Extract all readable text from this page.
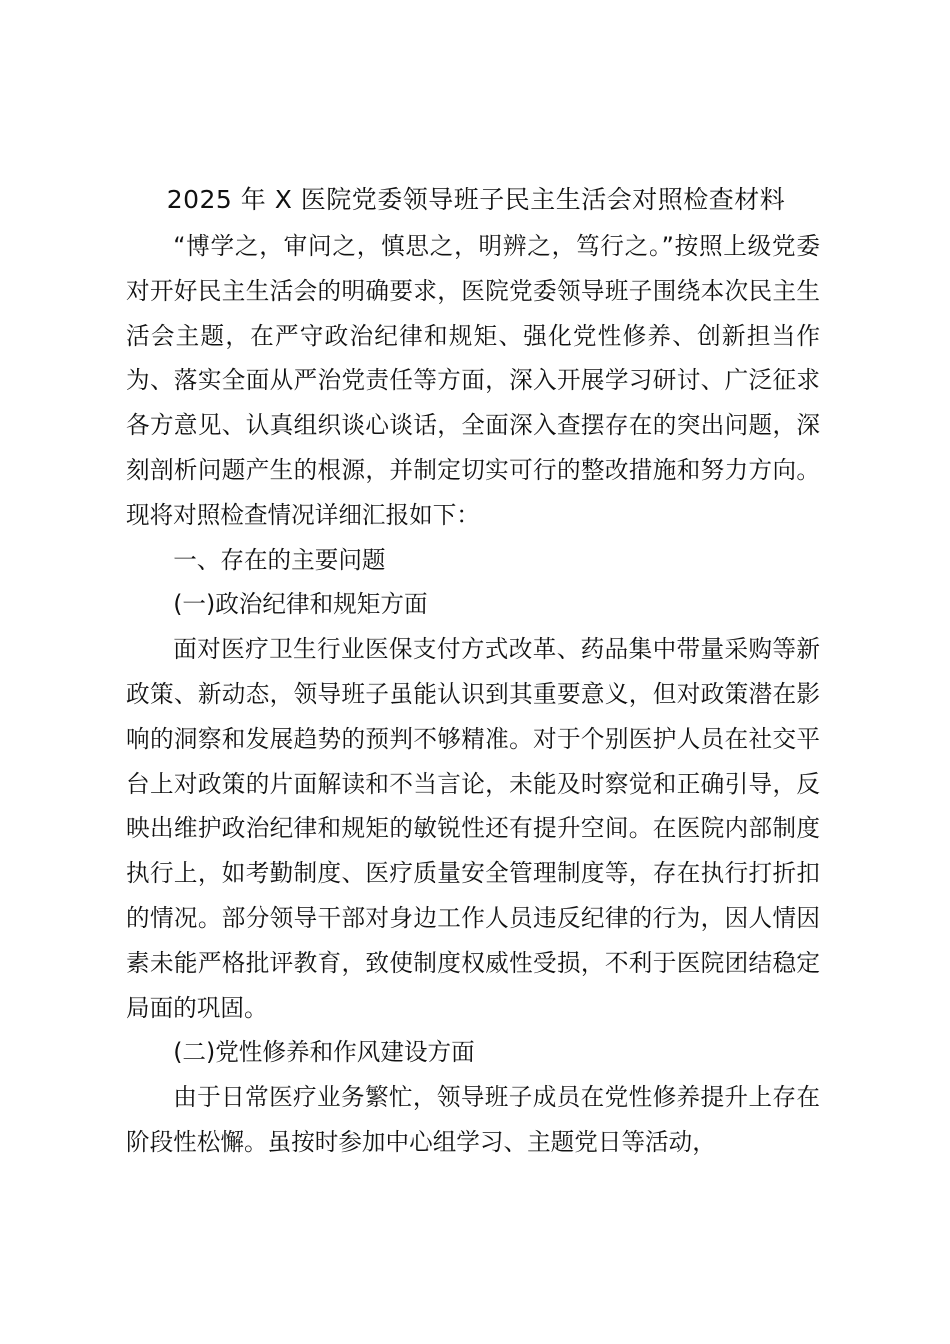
2025 年 X 医院党委领导班子民主生活会对照检查材料

“博学之，审问之，慎思之，明辨之，笃行之。”按照上级党委对开好民主生活会的明确要求，医院党委领导班子围绕本次民主生活会主题，在严守政治纪律和规矩、强化党性修养、创新担当作为、落实全面从严治党责任等方面，深入开展学习研讨、广泛征求各方意见、认真组织谈心谈话，全面深入查摆存在的突出问题，深刻剖析问题产生的根源，并制定切实可行的整改措施和努力方向。现将对照检查情况详细汇报如下：

一、存在的主要问题

(一)政治纪律和规矩方面

面对医疗卫生行业医保支付方式改革、药品集中带量采购等新政策、新动态，领导班子虽能认识到其重要意义，但对政策潜在影响的洞察和发展趋势的预判不够精准。对于个别医护人员在社交平台上对政策的片面解读和不当言论，未能及时察觉和正确引导，反映出维护政治纪律和规矩的敏锐性还有提升空间。在医院内部制度执行上，如考勤制度、医疗质量安全管理制度等，存在执行打折扣的情况。部分领导干部对身边工作人员违反纪律的行为，因人情因素未能严格批评教育，致使制度权威性受损，不利于医院团结稳定局面的巩固。

(二)党性修养和作风建设方面

由于日常医疗业务繁忙，领导班子成员在党性修养提升上存在阶段性松懈。虽按时参加中心组学习、主题党日等活动，
